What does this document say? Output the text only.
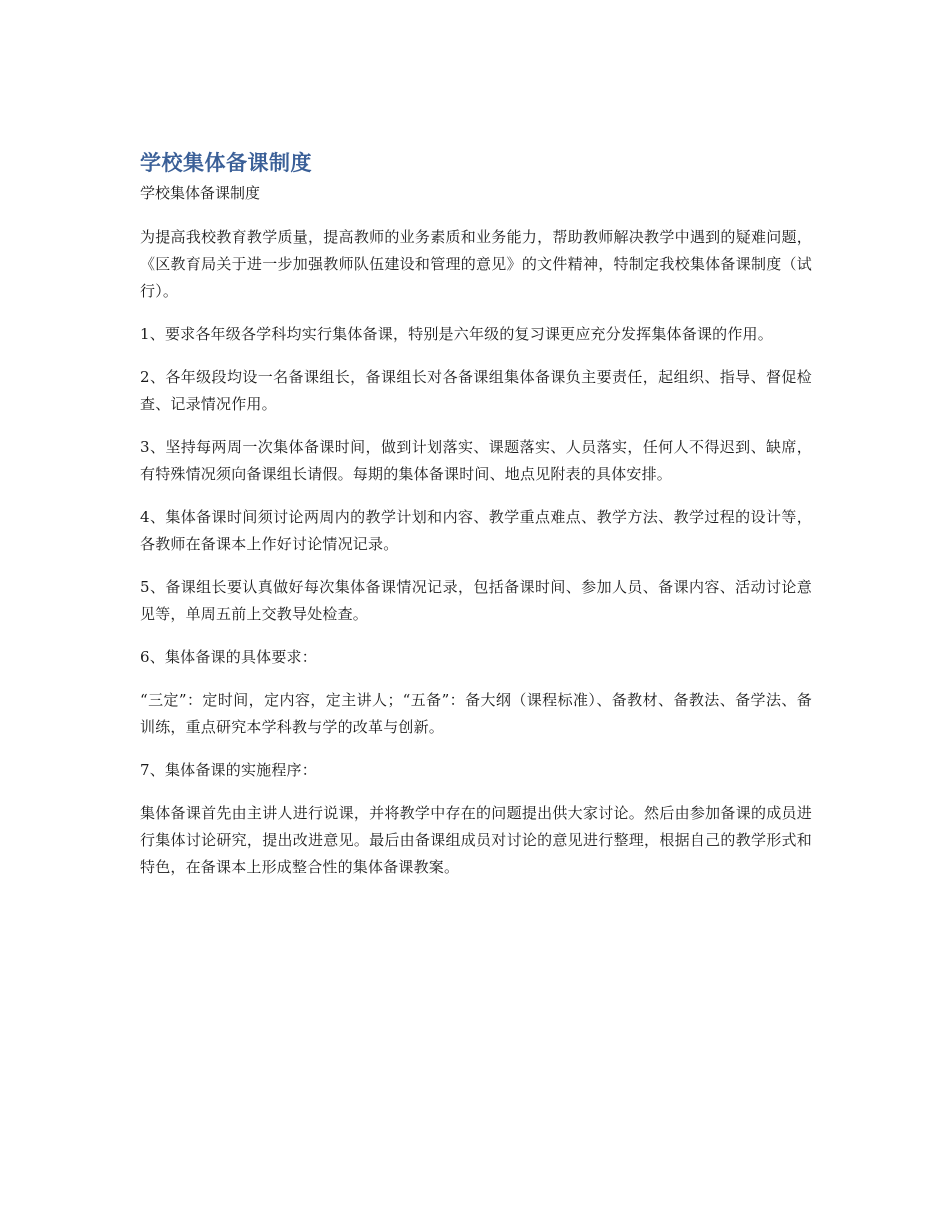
学校集体备课制度

学校集体备课制度

为提高我校教育教学质量，提高教师的业务素质和业务能力，帮助教师解决教学中遇到的疑难问题，《区教育局关于进一步加强教师队伍建设和管理的意见》的文件精神，特制定我校集体备课制度（试行）。

1、要求各年级各学科均实行集体备课，特别是六年级的复习课更应充分发挥集体备课的作用。

2、各年级段均设一名备课组长，备课组长对各备课组集体备课负主要责任，起组织、指导、督促检查、记录情况作用。

3、坚持每两周一次集体备课时间，做到计划落实、课题落实、人员落实，任何人不得迟到、缺席，有特殊情况须向备课组长请假。每期的集体备课时间、地点见附表的具体安排。

4、集体备课时间须讨论两周内的教学计划和内容、教学重点难点、教学方法、教学过程的设计等，各教师在备课本上作好讨论情况记录。

5、备课组长要认真做好每次集体备课情况记录，包括备课时间、参加人员、备课内容、活动讨论意见等，单周五前上交教导处检查。

6、集体备课的具体要求：

“三定”：定时间，定内容，定主讲人；“五备”：备大纲（课程标准）、备教材、备教法、备学法、备训练，重点研究本学科教与学的改革与创新。

7、集体备课的实施程序：

集体备课首先由主讲人进行说课，并将教学中存在的问题提出供大家讨论。然后由参加备课的成员进行集体讨论研究，提出改进意见。最后由备课组成员对讨论的意见进行整理，根据自己的教学形式和特色，在备课本上形成整合性的集体备课教案。
